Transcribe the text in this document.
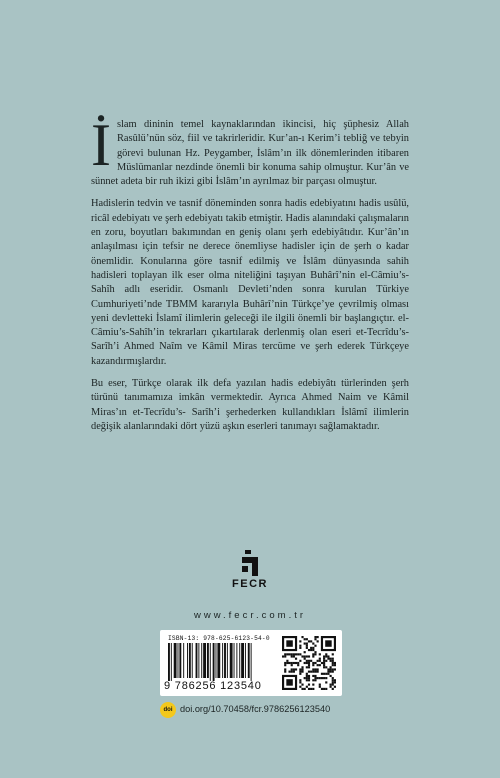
İslam dininin temel kaynaklarından ikincisi, hiç şüphesiz Allah Rasûlü’nün söz, fiil ve takrirleridir. Kur’an-ı Kerim’i tebliğ ve tebyin görevi bulunan Hz. Peygamber, İslâm’ın ilk dönemlerinden itibaren Müslümanlar nezdinde önemli bir konuma sahip olmuştur. Kur’ân ve sünnet adeta bir ruh ikizi gibi İslâm’ın ayrılmaz bir parçası olmuştur.

Hadislerin tedvin ve tasnif döneminden sonra hadis edebiyatını hadis usûlü, ricâl edebiyatı ve şerh edebiyatı takib etmiştir. Hadis alanındaki çalışmaların en zoru, boyutları bakımından en geniş olanı şerh edebiyâtıdır. Kur’ân’ın anlaşılması için tefsir ne derece önemliyse hadisler için de şerh o kadar önemlidir. Konularına göre tasnif edilmiş ve İslâm dünyasında sahih hadisleri toplayan ilk eser olma niteliğini taşıyan Buhârî’nin el-Câmiu’s-Sahîh adlı eseridir. Osmanlı Devleti’nden sonra kurulan Türkiye Cumhuriyeti’nde TBMM kararıyla Buhârî’nin Türkçe’ye çevrilmiş olması yeni devletteki İslamî ilimlerin geleceği ile ilgili önemli bir başlangıçtır. el-Câmiu’s-Sahîh’in tekrarları çıkartılarak derlenmiş olan eseri et-Tecrîdu’s-Sarîh’i Ahmed Naîm ve Kâmil Miras tercüme ve şerh ederek Türkçeye kazandırmışlardır.

Bu eser, Türkçe olarak ilk defa yazılan hadis edebiyâtı türlerinden şerh türünü tanımamıza imkân vermektedir. Ayrıca Ahmed Naim ve Kâmil Miras’ın et-Tecrîdu’s- Sarîh’i şerhederken kullandıkları İslâmî ilimlerin değişik alanlarındaki dört yüzü aşkın eserleri tanımayı sağlamaktadır.

FECR
www.fecr.com.tr
ISBN-13: 978-625-6123-54-0
9 786256 123540
doi doi.org/10.70458/fcr.9786256123540
